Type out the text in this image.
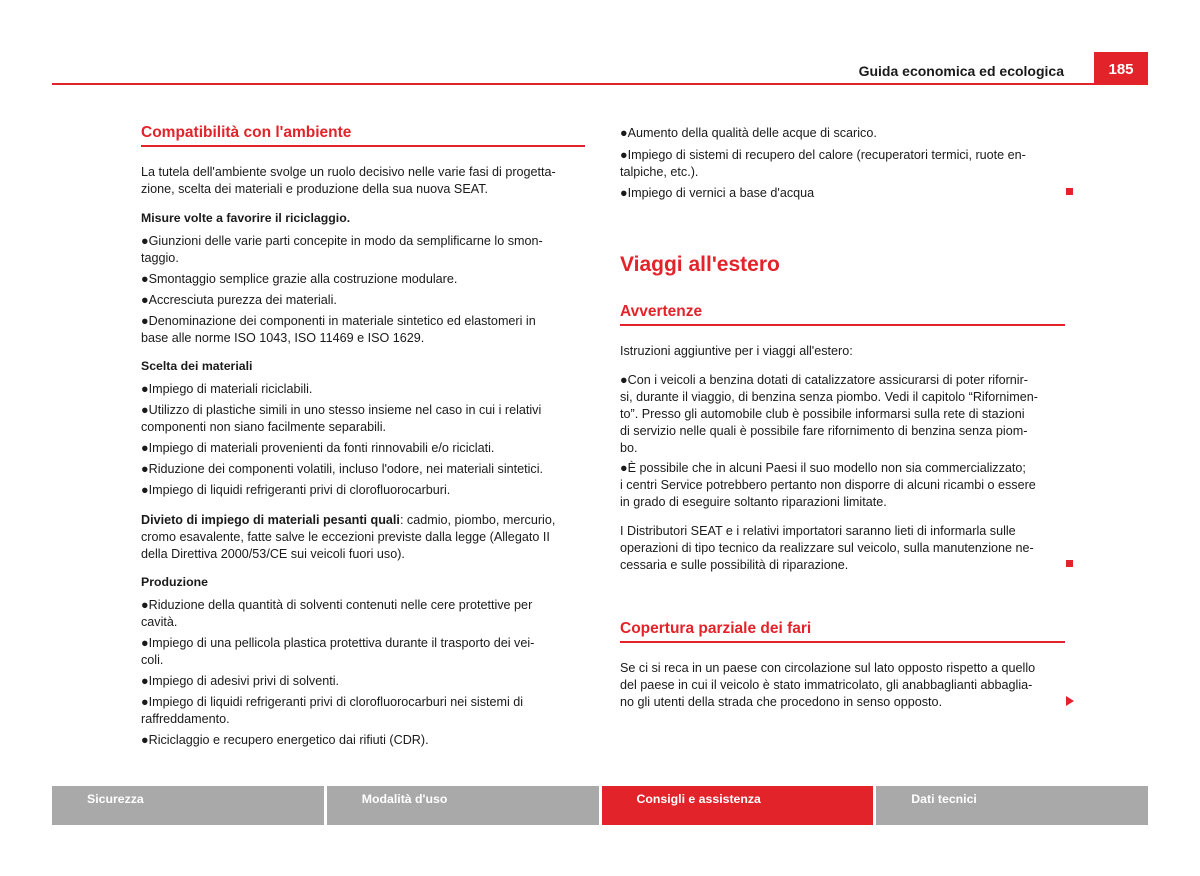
Guida economica ed ecologica	185
Compatibilità con l'ambiente

La tutela dell'ambiente svolge un ruolo decisivo nelle varie fasi di progetta-

zione, scelta dei materiali e produzione della sua nuova SEAT.

Misure volte a favorire il riciclaggio.

●Giunzioni delle varie parti concepite in modo da semplificarne lo smon-

taggio.

●Smontaggio semplice grazie alla costruzione modulare.

●Accresciuta purezza dei materiali.

●Denominazione dei componenti in materiale sintetico ed elastomeri in

base alle norme ISO 1043, ISO 11469 e ISO 1629.

Scelta dei materiali

●Impiego di materiali riciclabili.

●Utilizzo di plastiche simili in uno stesso insieme nel caso in cui i relativi

componenti non siano facilmente separabili.

●Impiego di materiali provenienti da fonti rinnovabili e/o riciclati.

●Riduzione dei componenti volatili, incluso l'odore, nei materiali sintetici.

●Impiego di liquidi refrigeranti privi di clorofluorocarburi.

Divieto di impiego di materiali pesanti quali: cadmio, piombo, mercurio,

cromo esavalente, fatte salve le eccezioni previste dalla legge (Allegato II

della Direttiva 2000/53/CE sui veicoli fuori uso).

Produzione

●Riduzione della quantità di solventi contenuti nelle cere protettive per

cavità.

●Impiego di una pellicola plastica protettiva durante il trasporto dei vei-

coli.

●Impiego di adesivi privi di solventi.

●Impiego di liquidi refrigeranti privi di clorofluorocarburi nei sistemi di

raffreddamento.

●Riciclaggio e recupero energetico dai rifiuti (CDR).

●Aumento della qualità delle acque di scarico.

●Impiego di sistemi di recupero del calore (recuperatori termici, ruote en-

talpiche, etc.).

●Impiego di vernici a base d'acqua

Viaggi all'estero
Avvertenze

Istruzioni aggiuntive per i viaggi all'estero:

●Con i veicoli a benzina dotati di catalizzatore assicurarsi di poter rifornir-

si, durante il viaggio, di benzina senza piombo. Vedi il capitolo “Rifornimen-

to”. Presso gli automobile club è possibile informarsi sulla rete di stazioni

di servizio nelle quali è possibile fare rifornimento di benzina senza piom-

bo.

●È possibile che in alcuni Paesi il suo modello non sia commercializzato;

i centri Service potrebbero pertanto non disporre di alcuni ricambi o essere

in grado di eseguire soltanto riparazioni limitate.

I Distributori SEAT e i relativi importatori saranno lieti di informarla sulle

operazioni di tipo tecnico da realizzare sul veicolo, sulla manutenzione ne-

cessaria e sulle possibilità di riparazione.

Copertura parziale dei fari

Se ci si reca in un paese con circolazione sul lato opposto rispetto a quello

del paese in cui il veicolo è stato immatricolato, gli anabbaglianti abbaglia-

no gli utenti della strada che procedono in senso opposto.

Sicurezza	Modalità d'uso	Consigli e assistenza	Dati tecnici
